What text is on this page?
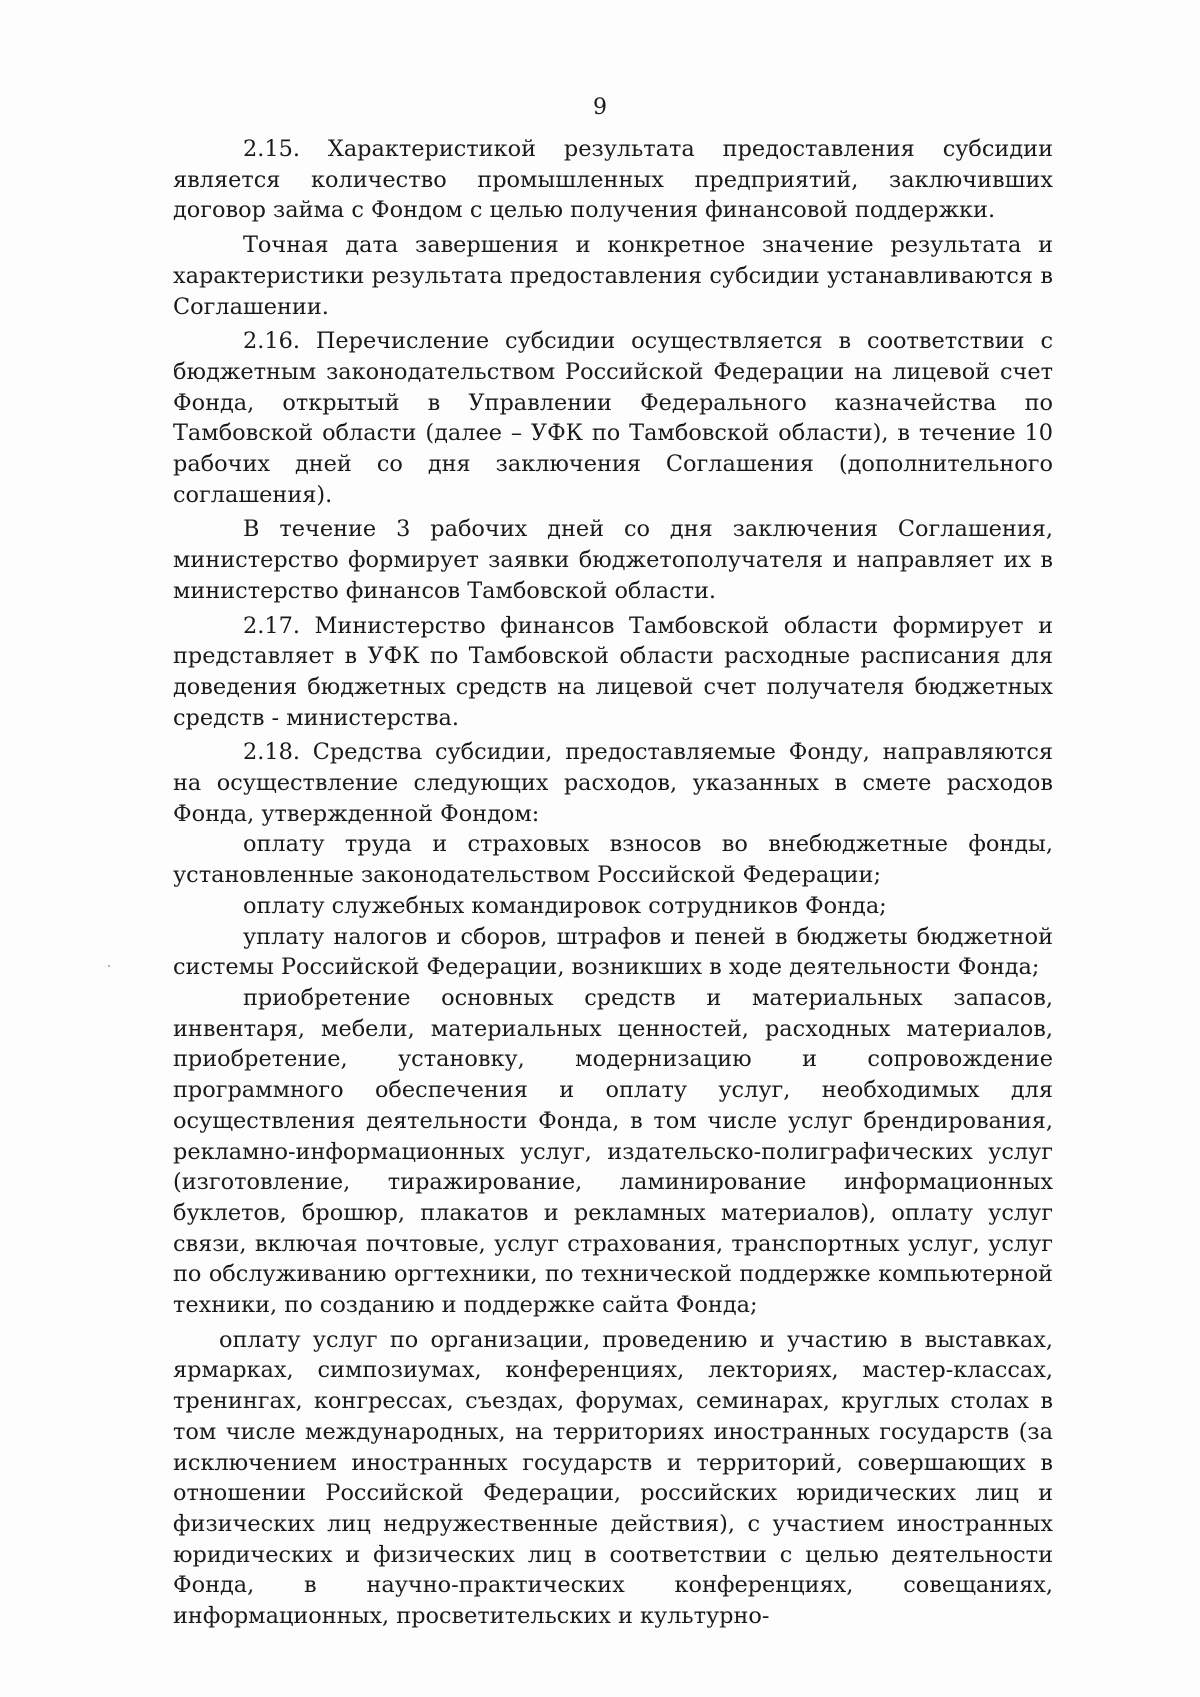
9

2.15. Характеристикой результата предоставления субсидии является количество промышленных предприятий, заключивших договор займа с Фондом с целью получения финансовой поддержки.

Точная дата завершения и конкретное значение результата и характеристики результата предоставления субсидии устанавливаются в Соглашении.

2.16. Перечисление субсидии осуществляется в соответствии с бюджетным законодательством Российской Федерации на лицевой счет Фонда, открытый в Управлении Федерального казначейства по Тамбовской области (далее – УФК по Тамбовской области), в течение 10 рабочих дней со дня заключения Соглашения (дополнительного соглашения).

В течение 3 рабочих дней со дня заключения Соглашения, министерство формирует заявки бюджетополучателя и направляет их в министерство финансов Тамбовской области.

2.17. Министерство финансов Тамбовской области формирует и представляет в УФК по Тамбовской области расходные расписания для доведения бюджетных средств на лицевой счет получателя бюджетных средств - министерства.

2.18. Средства субсидии, предоставляемые Фонду, направляются на осуществление следующих расходов, указанных в смете расходов Фонда, утвержденной Фондом:

оплату труда и страховых взносов во внебюджетные фонды, установленные законодательством Российской Федерации;

оплату служебных командировок сотрудников Фонда;

уплату налогов и сборов, штрафов и пеней в бюджеты бюджетной системы Российской Федерации, возникших в ходе деятельности Фонда;

приобретение основных средств и материальных запасов, инвентаря, мебели, материальных ценностей, расходных материалов, приобретение, установку, модернизацию и сопровождение программного обеспечения и оплату услуг, необходимых для осуществления деятельности Фонда, в том числе услуг брендирования, рекламно-информационных услуг, издательско-полиграфических услуг (изготовление, тиражирование, ламинирование информационных буклетов, брошюр, плакатов и рекламных материалов), оплату услуг связи, включая почтовые, услуг страхования, транспортных услуг, услуг по обслуживанию оргтехники, по технической поддержке компьютерной техники, по созданию и поддержке сайта Фонда;

оплату услуг по организации, проведению и участию в выставках, ярмарках, симпозиумах, конференциях, лекториях, мастер-классах, тренингах, конгрессах, съездах, форумах, семинарах, круглых столах в том числе международных, на территориях иностранных государств (за исключением иностранных государств и территорий, совершающих в отношении Российской Федерации, российских юридических лиц и физических лиц недружественные действия), с участием иностранных юридических и физических лиц в соответствии с целью деятельности Фонда, в научно-практических конференциях, совещаниях, информационных, просветительских и культурно-
